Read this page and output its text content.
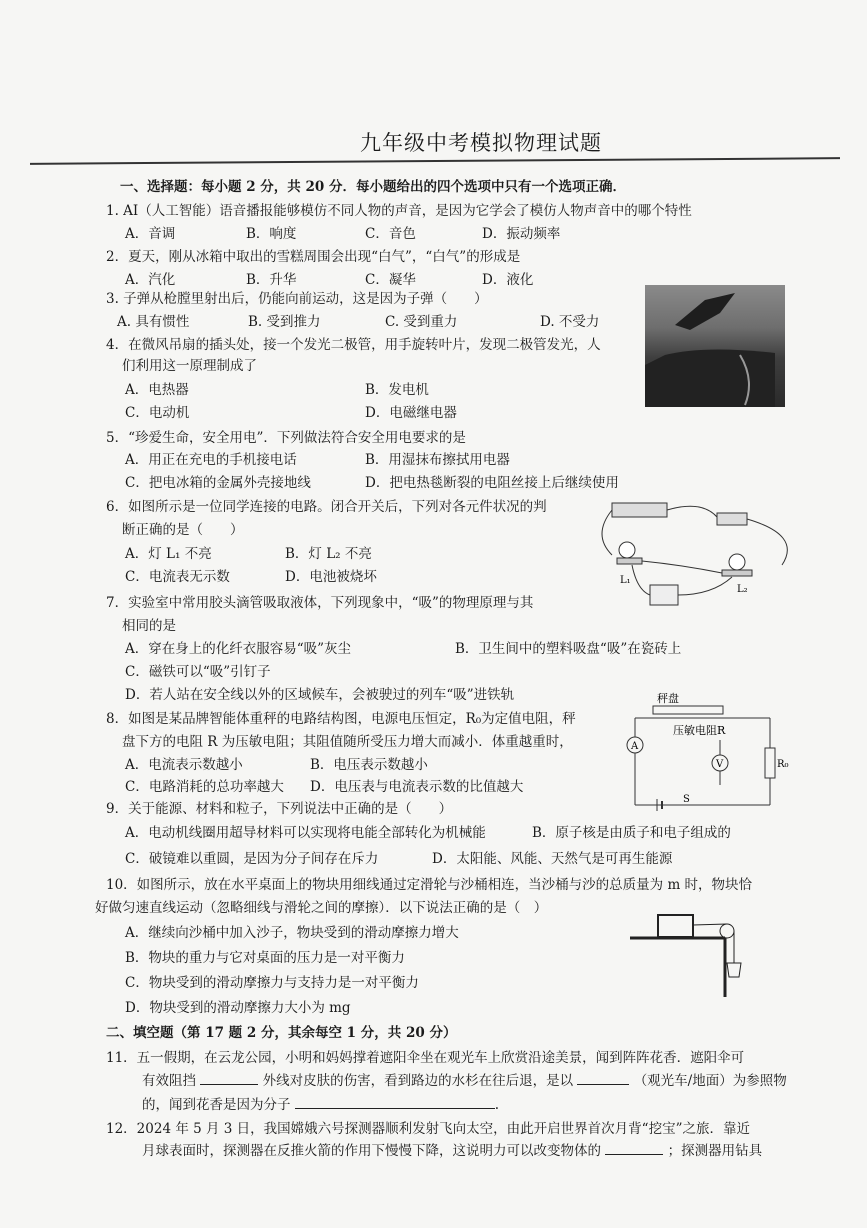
九年级中考模拟物理试题
一、选择题：每小题 2 分，共 20 分．每小题给出的四个选项中只有一个选项正确．
1. AI（人工智能）语音播报能够模仿不同人物的声音，是因为它学会了模仿人物声音中的哪个特性
A．音调	B．响度	C．音色	D．振动频率
2．夏天，刚从冰箱中取出的雪糕周围会出现“白气”，“白气”的形成是
A．汽化	B．升华	C．凝华	D．液化
3. 子弹从枪膛里射出后，仍能向前运动，这是因为子弹（　　）
A. 具有惯性	B. 受到推力	C. 受到重力	D. 不受力
4．在微风吊扇的插头处，接一个发光二极管，用手旋转叶片，发现二极管发光，人
们利用这一原理制成了
A．电热器	B．发电机
C．电动机	D．电磁继电器
5．“珍爱生命，安全用电”．下列做法符合安全用电要求的是
A．用正在充电的手机接电话	B．用湿抹布擦拭用电器
C．把电冰箱的金属外壳接地线	D．把电热毯断裂的电阻丝接上后继续使用
6．如图所示是一位同学连接的电路。闭合开关后，下列对各元件状况的判
断正确的是（　　）
A．灯 L₁ 不亮	B．灯 L₂ 不亮
C．电流表无示数	D．电池被烧坏	L₁
L₂
7．实验室中常用胶头滴管吸取液体，下列现象中，“吸”的物理原理与其
相同的是
A．穿在身上的化纤衣服容易“吸”灰尘	B．卫生间中的塑料吸盘“吸”在瓷砖上
C．磁铁可以“吸”引钉子
D．若人站在安全线以外的区域候车，会被驶过的列车“吸”进铁轨
8．如图是某品牌智能体重秤的电路结构图，电源电压恒定，R₀为定值电阻，秤
盘下方的电阻 R 为压敏电阻；其阻值随所受压力增大而减小．体重越重时，
A．电流表示数越小	B．电压表示数越小
C．电路消耗的总功率越大 D．电压表与电流表示数的比值越大
秤盘
压敏电阻R
A
V	R₀
S
9．关于能源、材料和粒子，下列说法中正确的是（　　）
A．电动机线圈用超导材料可以实现将电能全部转化为机械能	B．原子核是由质子和电子组成的
C．破镜难以重圆，是因为分子间存在斥力	D．太阳能、风能、天然气是可再生能源
10．如图所示，放在水平桌面上的物块用细线通过定滑轮与沙桶相连，当沙桶与沙的总质量为 m 时，物块恰
好做匀速直线运动（忽略细线与滑轮之间的摩擦）．以下说法正确的是（　）
A．继续向沙桶中加入沙子，物块受到的滑动摩擦力增大
B．物块的重力与它对桌面的压力是一对平衡力
C．物块受到的滑动摩擦力与支持力是一对平衡力
D．物块受到的滑动摩擦力大小为 mg
二、填空题（第 17 题 2 分，其余每空 1 分，共 20 分）
11．五一假期，在云龙公园，小明和妈妈撑着遮阳伞坐在观光车上欣赏沿途美景，闻到阵阵花香．遮阳伞可
有效阻挡	外线对皮肤的伤害，看到路边的水杉在往后退，是以	（观光车/地面）为参照物
的，闻到花香是因为分子	.
12．2024 年 5 月 3 日，我国嫦娥六号探测器顺利发射飞向太空，由此开启世界首次月背“挖宝”之旅．靠近
月球表面时，探测器在反推火箭的作用下慢慢下降，这说明力可以改变物体的	；探测器用钻具
